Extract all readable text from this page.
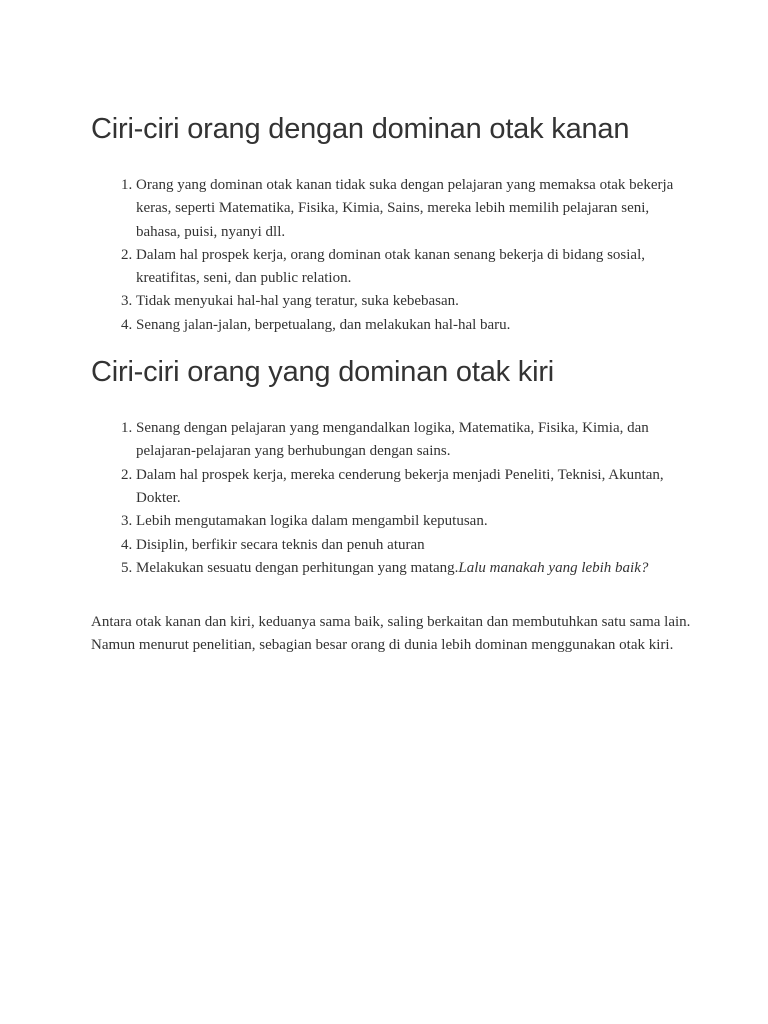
Ciri-ciri orang dengan dominan otak kanan
1. Orang yang dominan otak kanan tidak suka dengan pelajaran yang memaksa otak bekerja keras, seperti Matematika, Fisika, Kimia, Sains, mereka lebih memilih pelajaran seni, bahasa, puisi, nyanyi dll.
2. Dalam hal prospek kerja, orang dominan otak kanan senang bekerja di bidang sosial, kreatifitas, seni, dan public relation.
3. Tidak menyukai hal-hal yang teratur, suka kebebasan.
4. Senang jalan-jalan, berpetualang, dan melakukan hal-hal baru.
Ciri-ciri orang yang dominan otak kiri
1. Senang dengan pelajaran yang mengandalkan logika, Matematika, Fisika, Kimia, dan pelajaran-pelajaran yang berhubungan dengan sains.
2. Dalam hal prospek kerja, mereka cenderung bekerja menjadi Peneliti, Teknisi, Akuntan, Dokter.
3. Lebih mengutamakan logika dalam mengambil keputusan.
4. Disiplin, berfikir secara teknis dan penuh aturan
5. Melakukan sesuatu dengan perhitungan yang matang.Lalu manakah yang lebih baik?

Antara otak kanan dan kiri, keduanya sama baik, saling berkaitan dan membutuhkan satu sama lain. Namun menurut penelitian, sebagian besar orang di dunia lebih dominan menggunakan otak kiri.
